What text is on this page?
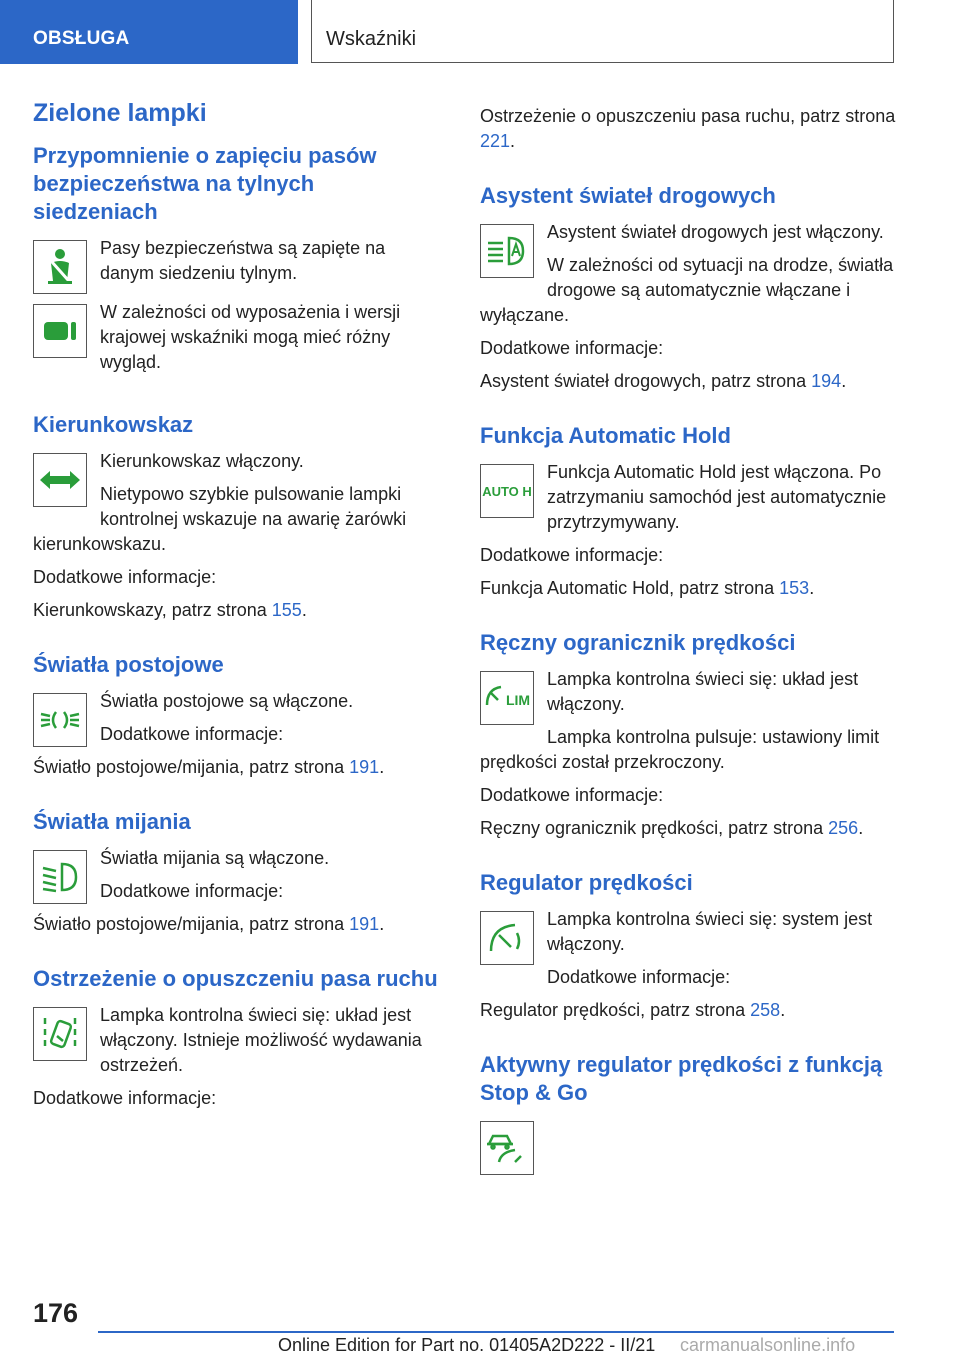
OBSŁUGA	Wskaźniki
Zielone lampki
Przypomnienie o zapięciu pasów bezpieczeństwa na tylnych siedzeniach

Pasy bezpieczeństwa są zapięte na danym siedzeniu tylnym.

W zależności od wyposażenia i wersji krajowej wskaźniki mogą mieć różny wygląd.

Kierunkowskaz

Kierunkowskaz włączony.

Nietypowo szybkie pulsowanie lampki kontrolnej wskazuje na awarię żarówki kierunkowskazu.

Dodatkowe informacje:

Kierunkowskazy, patrz strona 155.

Światła postojowe

Światła postojowe są włączone.

Dodatkowe informacje:

Światło postojowe/mijania, patrz strona 191.

Światła mijania

Światła mijania są włączone.

Dodatkowe informacje:

Światło postojowe/mijania, patrz strona 191.

Ostrzeżenie o opuszczeniu pasa ruchu

Lampka kontrolna świeci się: układ jest włączony. Istnieje możliwość wydawania ostrzeżeń.

Dodatkowe informacje:

Ostrzeżenie o opuszczeniu pasa ruchu, patrz strona 221.

Asystent świateł drogowych

Asystent świateł drogowych jest włączony.

W zależności od sytuacji na drodze, światła drogowe są automatycznie włączane i wyłączane.

Dodatkowe informacje:

Asystent świateł drogowych, patrz strona 194.

Funkcja Automatic Hold
AUTO H

Funkcja Automatic Hold jest włączona. Po zatrzymaniu samochód jest automatycznie przytrzymywany.

Dodatkowe informacje:

Funkcja Automatic Hold, patrz strona 153.

Ręczny ogranicznik prędkości
LIM

Lampka kontrolna świeci się: układ jest włączony.

Lampka kontrolna pulsuje: ustawiony limit prędkości został przekroczony.

Dodatkowe informacje:

Ręczny ogranicznik prędkości, patrz strona 256.

Regulator prędkości

Lampka kontrolna świeci się: system jest włączony.

Dodatkowe informacje:

Regulator prędkości, patrz strona 258.

Aktywny regulator prędkości z funkcją Stop & Go
176
Online Edition for Part no. 01405A2D222 - II/21 carmanualsonline.info
